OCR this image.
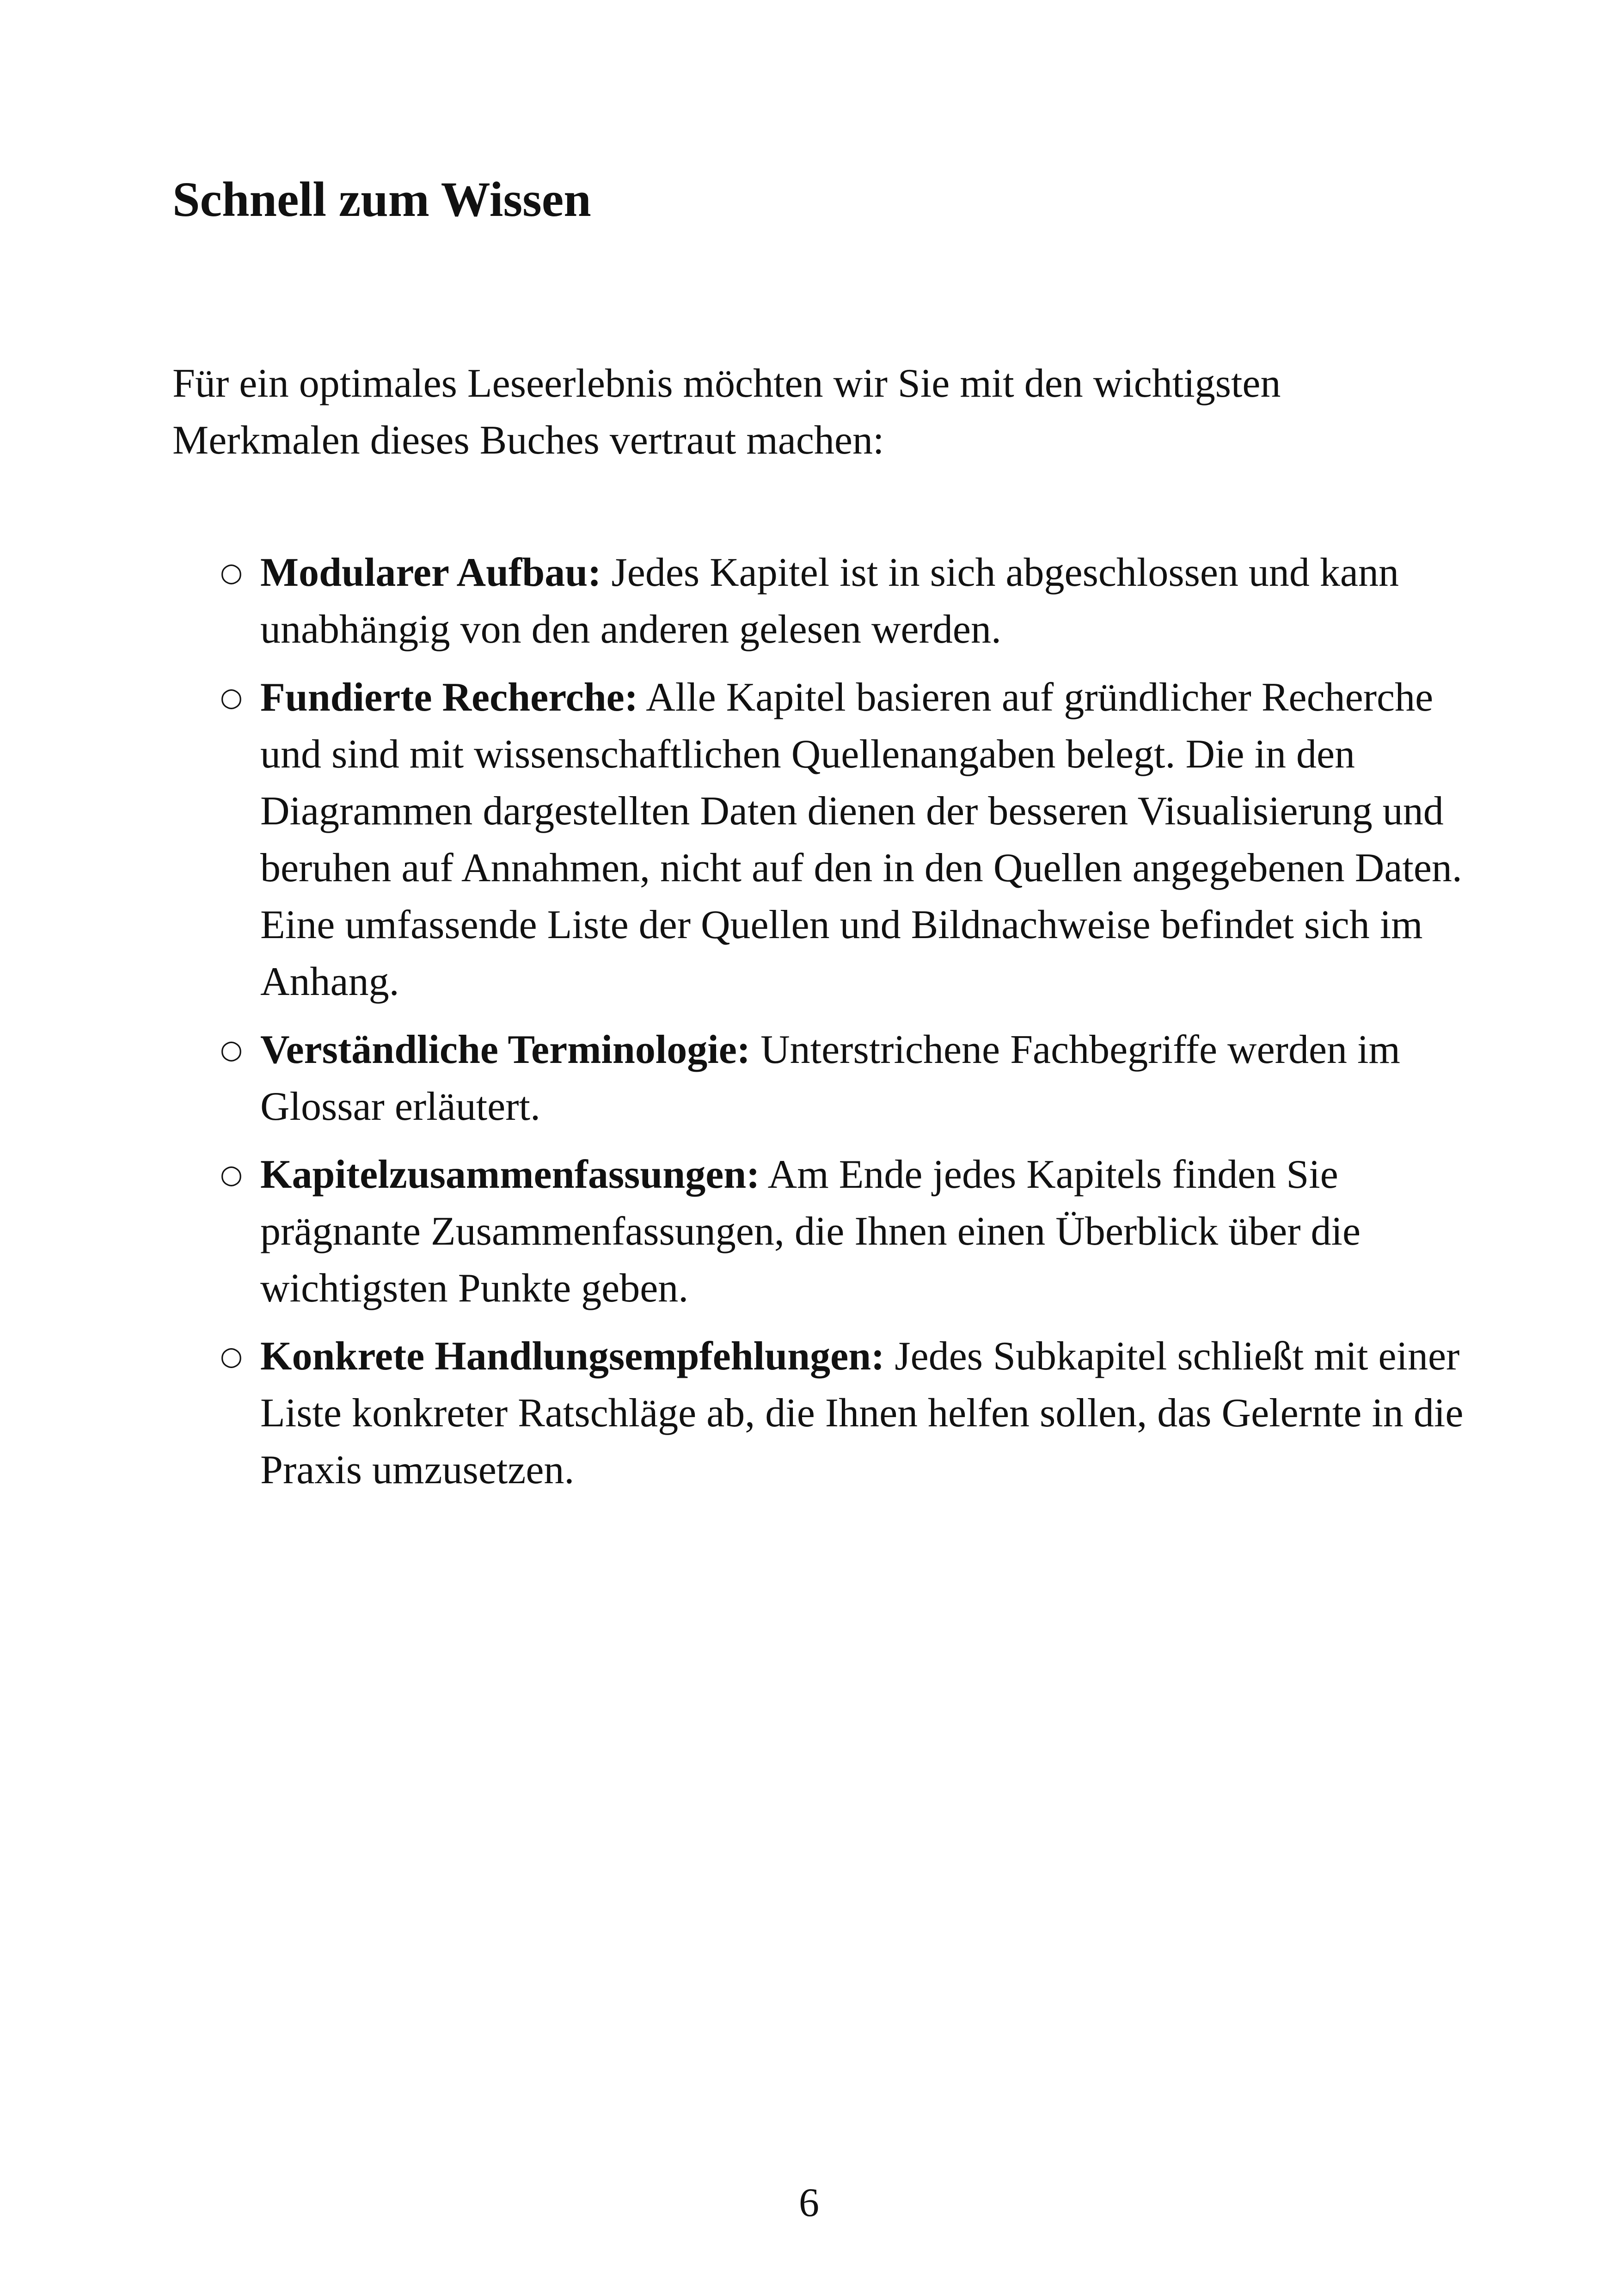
Schnell zum Wissen

Für ein optimales Leseerlebnis möchten wir Sie mit den wichtigsten Merkmalen dieses Buches vertraut machen:

○ Modularer Aufbau: Jedes Kapitel ist in sich abgeschlossen und kann unabhängig von den anderen gelesen werden.
○ Fundierte Recherche: Alle Kapitel basieren auf gründlicher Recherche und sind mit wissenschaftlichen Quellenangaben belegt. Die in den Diagrammen dargestellten Daten dienen der besseren Visualisierung und beruhen auf Annahmen, nicht auf den in den Quellen angegebenen Daten. Eine umfassende Liste der Quellen und Bildnachweise befindet sich im Anhang.
○ Verständliche Terminologie: Unterstrichene Fachbegriffe werden im Glossar erläutert.
○ Kapitelzusammenfassungen: Am Ende jedes Kapitels finden Sie prägnante Zusammenfassungen, die Ihnen einen Überblick über die wichtigsten Punkte geben.
○ Konkrete Handlungsempfehlungen: Jedes Subkapitel schließt mit einer Liste konkreter Ratschläge ab, die Ihnen helfen sollen, das Gelernte in die Praxis umzusetzen.
6
